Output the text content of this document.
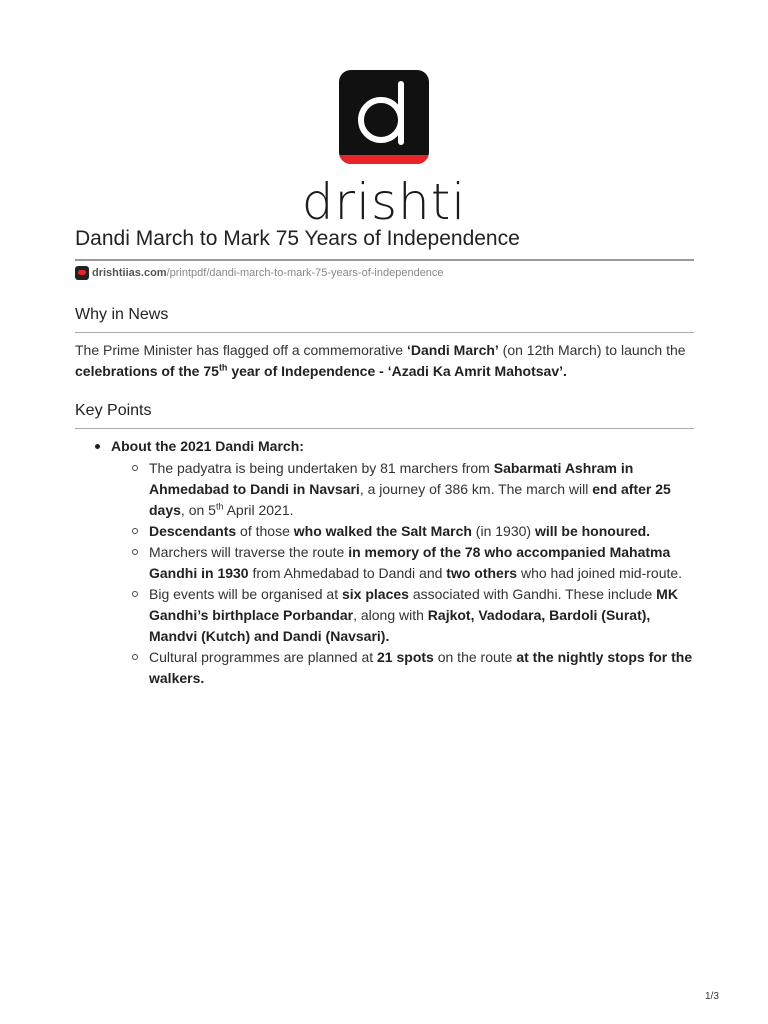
drishti
Dandi March to Mark 75 Years of Independence
drishtiias.com /printpdf/dandi-march-to-mark-75-years-of-independence
Why in News

The Prime Minister has flagged off a commemorative ‘Dandi March’ (on 12th March) to launch the celebrations of the 75th year of Independence - ‘Azadi Ka Amrit Mahotsav’.

Key Points
About the 2021 Dandi March:
The padyatra is being undertaken by 81 marchers from Sabarmati Ashram in Ahmedabad to Dandi in Navsari, a journey of 386 km. The march will end after 25 days, on 5th April 2021.
Descendants of those who walked the Salt March (in 1930) will be honoured.
Marchers will traverse the route in memory of the 78 who accompanied Mahatma Gandhi in 1930 from Ahmedabad to Dandi and two others who had joined mid-route.
Big events will be organised at six places associated with Gandhi. These include MK Gandhi’s birthplace Porbandar, along with Rajkot, Vadodara, Bardoli (Surat), Mandvi (Kutch) and Dandi (Navsari).
Cultural programmes are planned at 21 spots on the route at the nightly stops for the walkers.
1/3
